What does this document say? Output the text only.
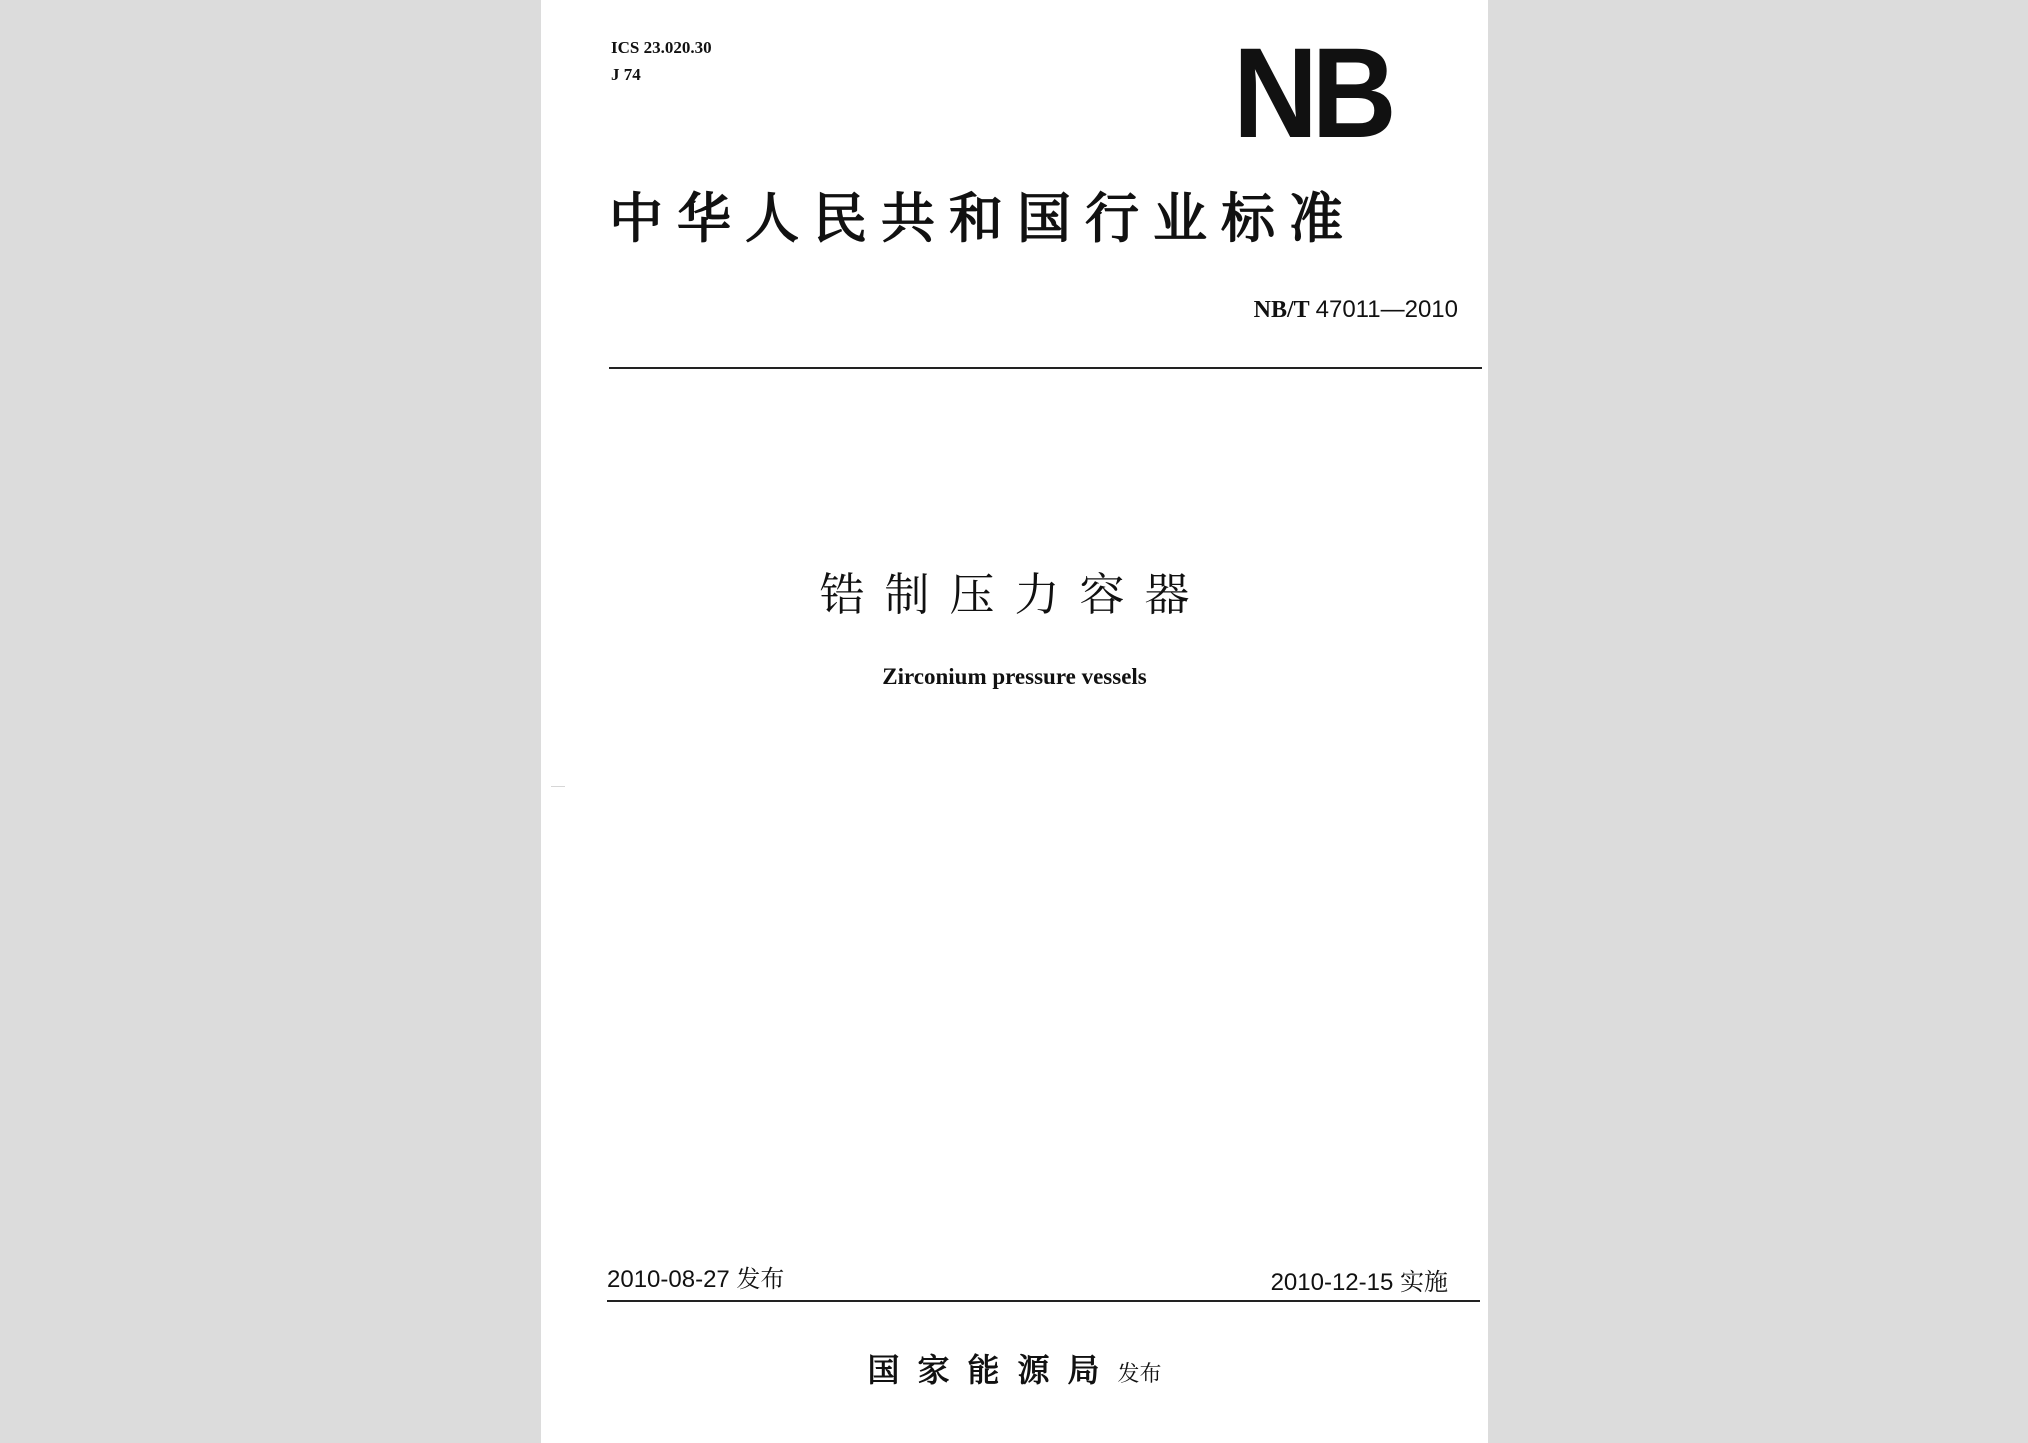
ICS 23.020.30
J 74	NB
中华人民共和国行业标准
NB/T 47011—2010
锆制压力容器
Zirconium pressure vessels
2010-08-27 发布	2010-12-15 实施
国家能源局发布
